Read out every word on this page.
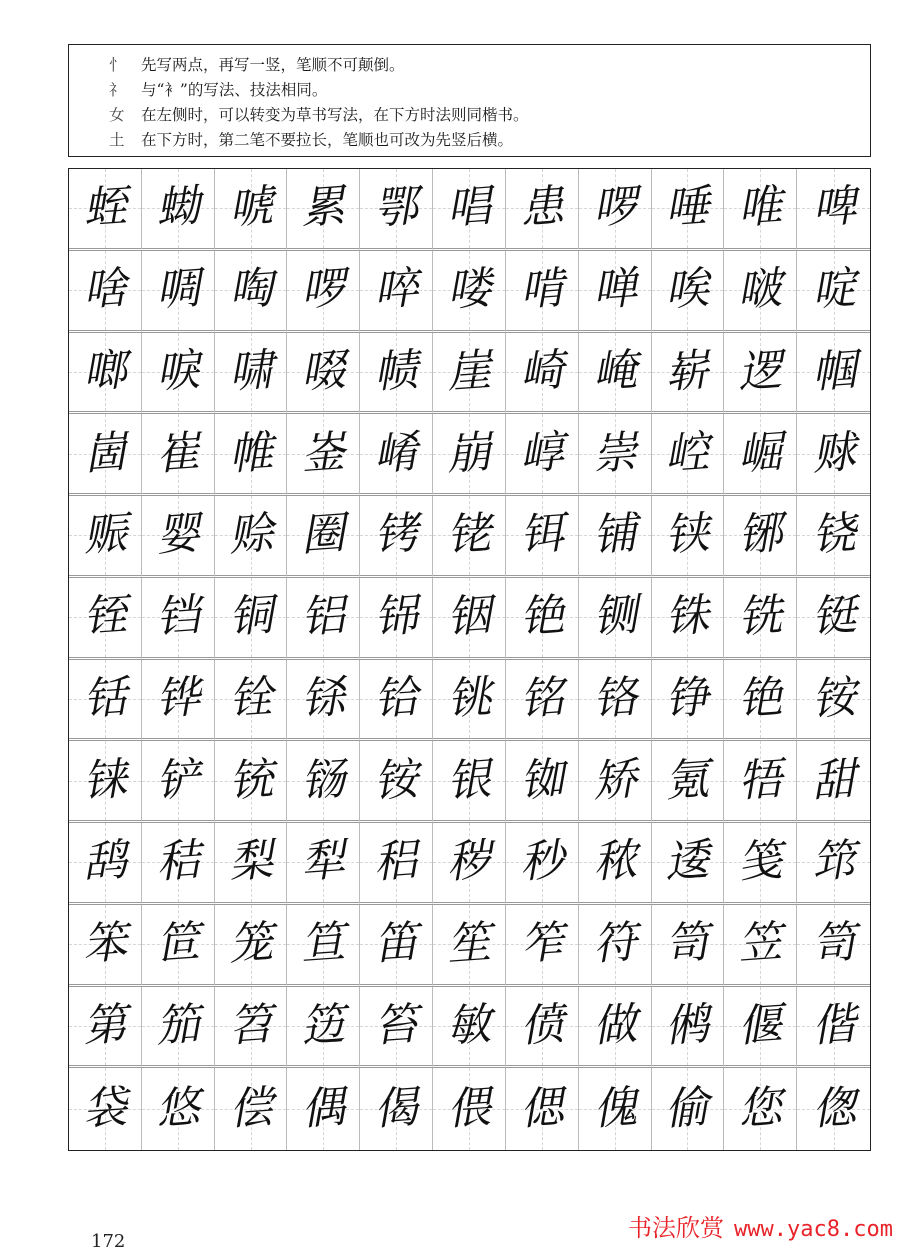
忄 先写两点，再写一竖，笔顺不可颠倒。
礻 与“衤”的写法、技法相同。
女 在左侧时，可以转变为草书写法，在下方时法则同楷书。
土 在下方时，第二笔不要拉长，笔顺也可改为先竖后横。
蛭 蜐 唬 累 鄂 唱 患 啰 唾 唯 啤
啥 啁 啕 啰 啐 喽 啃 啴 唉 啵 啶
啷 唳 啸 啜 帻 崖 崎 崦 崭 逻 帼
崮 崔 帷 崟 崤 崩 崞 崇 崆 崛 赇
赈 婴 赊 圈 铐 铑 铒 铺 铗 铘 铙
铚 铛 铜 铝 铞 铟 铯 铡 铢 铣 铤
铦 铧 铨 铩 铪 铫 铭 铬 铮 铯 铵
铼 铲 铳 铴 铵 银 铷 矫 氪 牾 甜
鸹 秸 梨 犁 稆 秽 秒 秾 逶 笺 筇
笨 笸 笼 笪 笛 笙 笮 符 笥 笠 笥
第 笳 笤 笾 笞 敏 偾 做 鸺 偃 偕
袋 悠 偿 偶 偈 偎 偲 傀 偷 您 偬
172	书法欣赏 www.yac8.com
